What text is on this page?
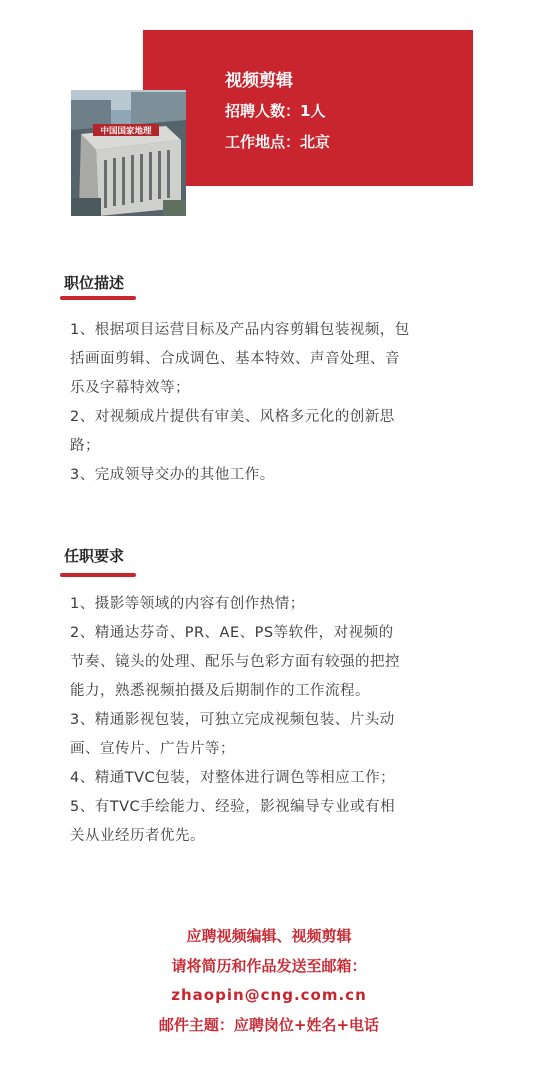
视频剪辑
招聘人数：1人
工作地点：北京
中国国家地理
职位描述

1、根据项目运营目标及产品内容剪辑包装视频，包

括画面剪辑、合成调色、基本特效、声音处理、音

乐及字幕特效等；

2、对视频成片提供有审美、风格多元化的创新思

路；

3、完成领导交办的其他工作。

任职要求

1、摄影等领域的内容有创作热情；

2、精通达芬奇、PR、AE、PS等软件，对视频的

节奏、镜头的处理、配乐与色彩方面有较强的把控

能力，熟悉视频拍摄及后期制作的工作流程。

3、精通影视包装，可独立完成视频包装、片头动

画、宣传片、广告片等；

4、精通TVC包装，对整体进行调色等相应工作；

5、有TVC手绘能力、经验，影视编导专业或有相

关从业经历者优先。

应聘视频编辑、视频剪辑

请将简历和作品发送至邮箱：

zhaopin@cng.com.cn

邮件主题：应聘岗位+姓名+电话
